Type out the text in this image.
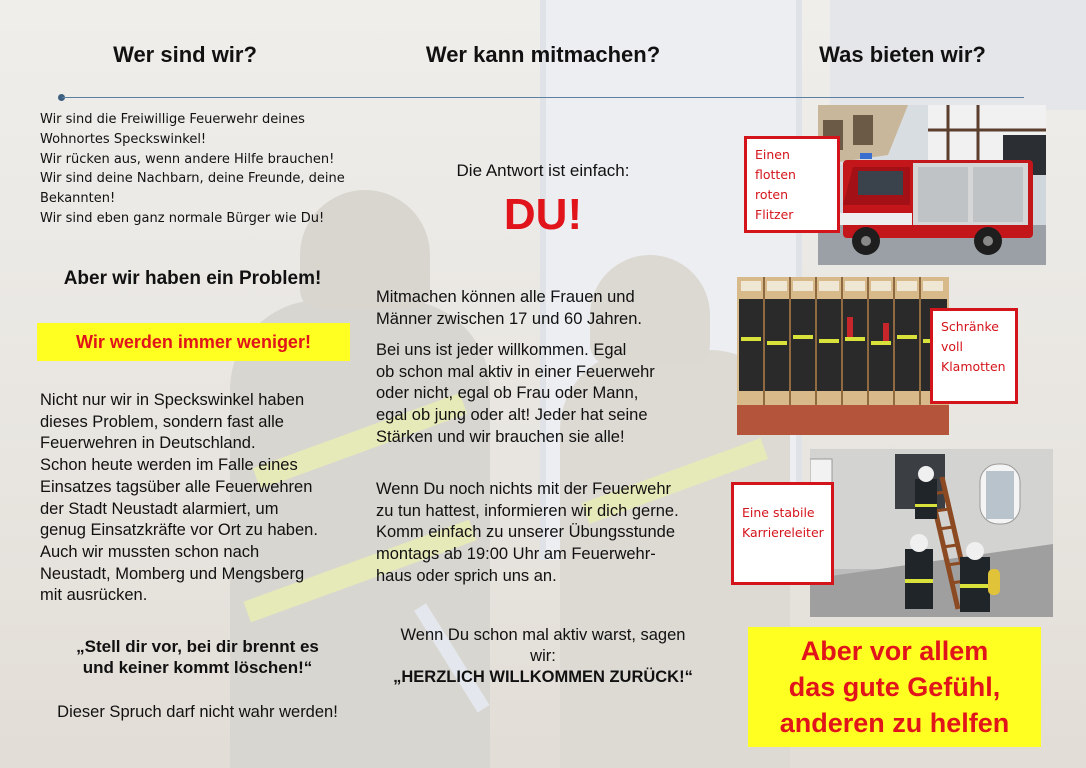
Wer sind wir?	Wer kann mitmachen?	Was bieten wir?
Wir sind die Freiwillige Feuerwehr deines
Wohnortes Speckswinkel!
Wir rücken aus, wenn andere Hilfe brauchen!
Wir sind deine Nachbarn, deine Freunde, deine
Bekannten!
Wir sind eben ganz normale Bürger wie Du!
Aber wir haben ein Problem!
Wir werden immer weniger!
Nicht nur wir in Speckswinkel haben
dieses Problem, sondern fast alle
Feuerwehren in Deutschland.
Schon heute werden im Falle eines
Einsatzes tagsüber alle Feuerwehren
der Stadt Neustadt alarmiert, um
genug Einsatzkräfte vor Ort zu haben.
Auch wir mussten schon nach
Neustadt, Momberg und Mengsberg
mit ausrücken.
„Stell dir vor, bei dir brennt es
und keiner kommt löschen!“
Dieser Spruch darf nicht wahr werden!
Die Antwort ist einfach:
DU!
Mitmachen können alle Frauen und
Männer zwischen 17 und 60 Jahren.
Bei uns ist jeder willkommen. Egal
ob schon mal aktiv in einer Feuerwehr
oder nicht, egal ob Frau oder Mann,
egal ob jung oder alt! Jeder hat seine
Stärken und wir brauchen sie alle!
Wenn Du noch nichts mit der Feuerwehr
zu tun hattest, informieren wir dich gerne.
Komm einfach zu unserer Übungsstunde
montags ab 19:00 Uhr am Feuerwehr-
haus oder sprich uns an.
Wenn Du schon mal aktiv warst, sagen
wir:
„HERZLICH WILLKOMMEN ZURÜCK!“
Einen
flotten
roten Flitzer
Schränke
voll
Klamotten
Eine stabile
Karriereleiter
Aber vor allem
das gute Gefühl,
anderen zu helfen
